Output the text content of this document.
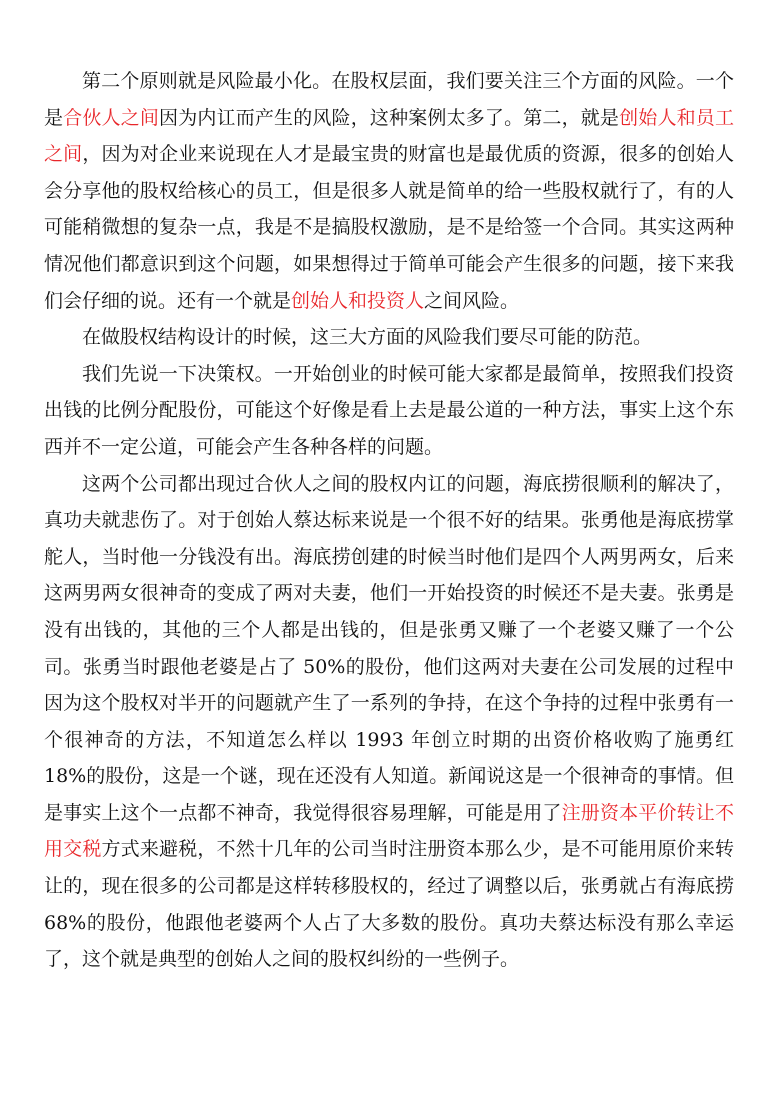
第二个原则就是风险最小化。在股权层面，我们要关注三个方面的风险。一个是合伙人之间因为内讧而产生的风险，这种案例太多了。第二，就是创始人和员工之间，因为对企业来说现在人才是最宝贵的财富也是最优质的资源，很多的创始人会分享他的股权给核心的员工，但是很多人就是简单的给一些股权就行了，有的人可能稍微想的复杂一点，我是不是搞股权激励，是不是给签一个合同。其实这两种情况他们都意识到这个问题，如果想得过于简单可能会产生很多的问题，接下来我们会仔细的说。还有一个就是创始人和投资人之间风险。

在做股权结构设计的时候，这三大方面的风险我们要尽可能的防范。

我们先说一下决策权。一开始创业的时候可能大家都是最简单，按照我们投资出钱的比例分配股份，可能这个好像是看上去是最公道的一种方法，事实上这个东西并不一定公道，可能会产生各种各样的问题。

这两个公司都出现过合伙人之间的股权内讧的问题，海底捞很顺利的解决了，真功夫就悲伤了。对于创始人蔡达标来说是一个很不好的结果。张勇他是海底捞掌舵人，当时他一分钱没有出。海底捞创建的时候当时他们是四个人两男两女，后来这两男两女很神奇的变成了两对夫妻，他们一开始投资的时候还不是夫妻。张勇是没有出钱的，其他的三个人都是出钱的，但是张勇又赚了一个老婆又赚了一个公司。张勇当时跟他老婆是占了 50%的股份，他们这两对夫妻在公司发展的过程中因为这个股权对半开的问题就产生了一系列的争持，在这个争持的过程中张勇有一个很神奇的方法，不知道怎么样以 1993 年创立时期的出资价格收购了施勇红 18%的股份，这是一个谜，现在还没有人知道。新闻说这是一个很神奇的事情。但是事实上这个一点都不神奇，我觉得很容易理解，可能是用了注册资本平价转让不用交税方式来避税，不然十几年的公司当时注册资本那么少，是不可能用原价来转让的，现在很多的公司都是这样转移股权的，经过了调整以后，张勇就占有海底捞 68%的股份，他跟他老婆两个人占了大多数的股份。真功夫蔡达标没有那么幸运了，这个就是典型的创始人之间的股权纠纷的一些例子。
